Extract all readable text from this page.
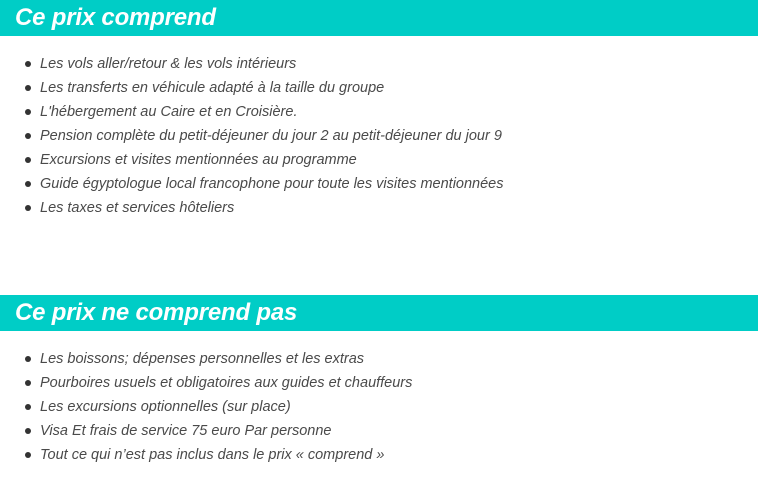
Ce prix comprend
Les vols aller/retour & les vols intérieurs
Les transferts en véhicule adapté à la taille du groupe
L'hébergement au Caire et en Croisière.
Pension complète du petit-déjeuner du jour 2 au petit-déjeuner du jour 9
Excursions et visites mentionnées au programme
Guide égyptologue local francophone pour toute les visites mentionnées
Les taxes et services hôteliers
Ce prix ne comprend pas
Les boissons; dépenses personnelles et les extras
Pourboires usuels et obligatoires aux guides et chauffeurs
Les excursions optionnelles (sur place)
Visa Et frais de service 75 euro Par personne
Tout ce qui n’est pas inclus dans le prix « comprend »
